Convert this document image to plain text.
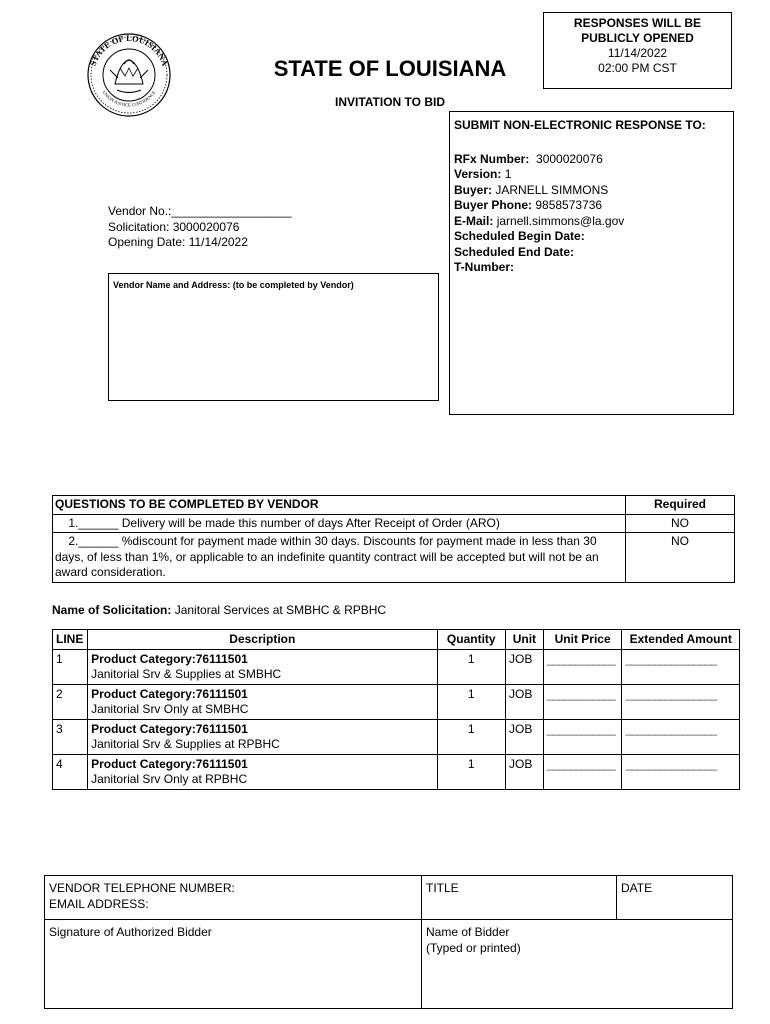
STATE OF LOUISIANA
UNION JUSTICE CONFIDENCE
STATE OF LOUISIANA
INVITATION TO BID
RESPONSES WILL BE
PUBLICLY OPENED
11/14/2022
02:00 PM CST
SUBMIT NON-ELECTRONIC RESPONSE TO:
RFx Number: 3000020076
Version: 1
Buyer: JARNELL SIMMONS
Buyer Phone: 9858573736
E-Mail: jarnell.simmons@la.gov
Scheduled Begin Date:
Scheduled End Date:
T-Number:
Vendor No.:__________________
Solicitation: 3000020076
Opening Date: 11/14/2022
Vendor Name and Address: (to be completed by Vendor)
QUESTIONS TO BE COMPLETED BY VENDOR	Required
1.______ Delivery will be made this number of days After Receipt of Order (ARO)	NO
2.______ %discount for payment made within 30 days. Discounts for payment made in less than 30 days, of less than 1%, or applicable to an indefinite quantity contract will be accepted but will not be an award consideration.	NO
Name of Solicitation: Janitoral Services at SMBHC & RPBHC
LINE	Description	Quantity	Unit	Unit Price	Extended Amount
1	Product Category:76111501
Janitorial Srv & Supplies at SMBHC	1	JOB	____________	________________
2	Product Category:76111501
Janitorial Srv Only at SMBHC	1	JOB	____________	________________
3	Product Category:76111501
Janitorial Srv & Supplies at RPBHC	1	JOB	____________	________________
4	Product Category:76111501
Janitorial Srv Only at RPBHC	1	JOB	____________	________________
VENDOR TELEPHONE NUMBER:
EMAIL ADDRESS:	TITLE	DATE
Signature of Authorized Bidder	Name of Bidder
(Typed or printed)	
